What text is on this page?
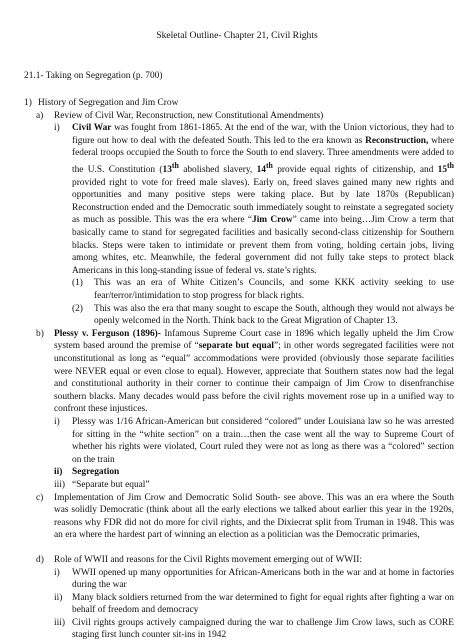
Skeletal Outline- Chapter 21, Civil Rights
21.1- Taking on Segregation (p. 700)
1) History of Segregation and Jim Crow

a) Review of Civil War, Reconstruction, new Constitutional Amendments)

i) Civil War was fought from 1861-1865. At the end of the war, with the Union victorious, they had to figure out how to deal with the defeated South. This led to the era known as Reconstruction, where federal troops occupied the South to force the South to end slavery. Three amendments were added to the U.S. Constitution (13th abolished slavery, 14th provide equal rights of citizenship, and 15th provided right to vote for freed male slaves). Early on, freed slaves gained many new rights and opportunities and many positive steps were taking place. But by late 1870s (Republican) Reconstruction ended and the Democratic south immediately sought to reinstate a segregated society as much as possible. This was the era where “Jim Crow” came into being…Jim Crow a term that basically came to stand for segregated facilities and basically second-class citizenship for Southern blacks. Steps were taken to intimidate or prevent them from voting, holding certain jobs, living among whites, etc. Meanwhile, the federal government did not fully take steps to protect black Americans in this long-standing issue of federal vs. state’s rights.

(1) This was an era of White Citizen’s Councils, and some KKK activity seeking to use fear/terror/intimidation to stop progress for black rights.

(2) This was also the era that many sought to escape the South, although they would not always be openly welcomed in the North. Think back to the Great Migration of Chapter 13.

b) Plessy v. Ferguson (1896)- Infamous Supreme Court case in 1896 which legally upheld the Jim Crow system based around the premise of “separate but equal”; in other words segregated facilities were not unconstitutional as long as “equal” accommodations were provided (obviously those separate facilities were NEVER equal or even close to equal). However, appreciate that Southern states now had the legal and constitutional authority in their corner to continue their campaign of Jim Crow to disenfranchise southern blacks. Many decades would pass before the civil rights movement rose up in a unified way to confront these injustices.

i) Plessy was 1/16 African-American but considered “colored” under Louisiana law so he was arrested for sitting in the “white section” on a train…then the case went all the way to Supreme Court of whether his rights were violated, Court ruled they were not as long as there was a “colored” section on the train

ii) Segregation

iii) “Separate but equal”

c) Implementation of Jim Crow and Democratic Solid South- see above. This was an era where the South was solidly Democratic (think about all the early elections we talked about earlier this year in the 1920s, reasons why FDR did not do more for civil rights, and the Dixiecrat split from Truman in 1948. This was an era where the hardest part of winning an election as a politician was the Democratic primaries,

d) Role of WWII and reasons for the Civil Rights movement emerging out of WWII:

i) WWII opened up many opportunities for African-Americans both in the war and at home in factories during the war

ii) Many black soldiers returned from the war determined to fight for equal rights after fighting a war on behalf of freedom and democracy

iii) Civil rights groups actively campaigned during the war to challenge Jim Crow laws, such as CORE staging first lunch counter sit-ins in 1942
